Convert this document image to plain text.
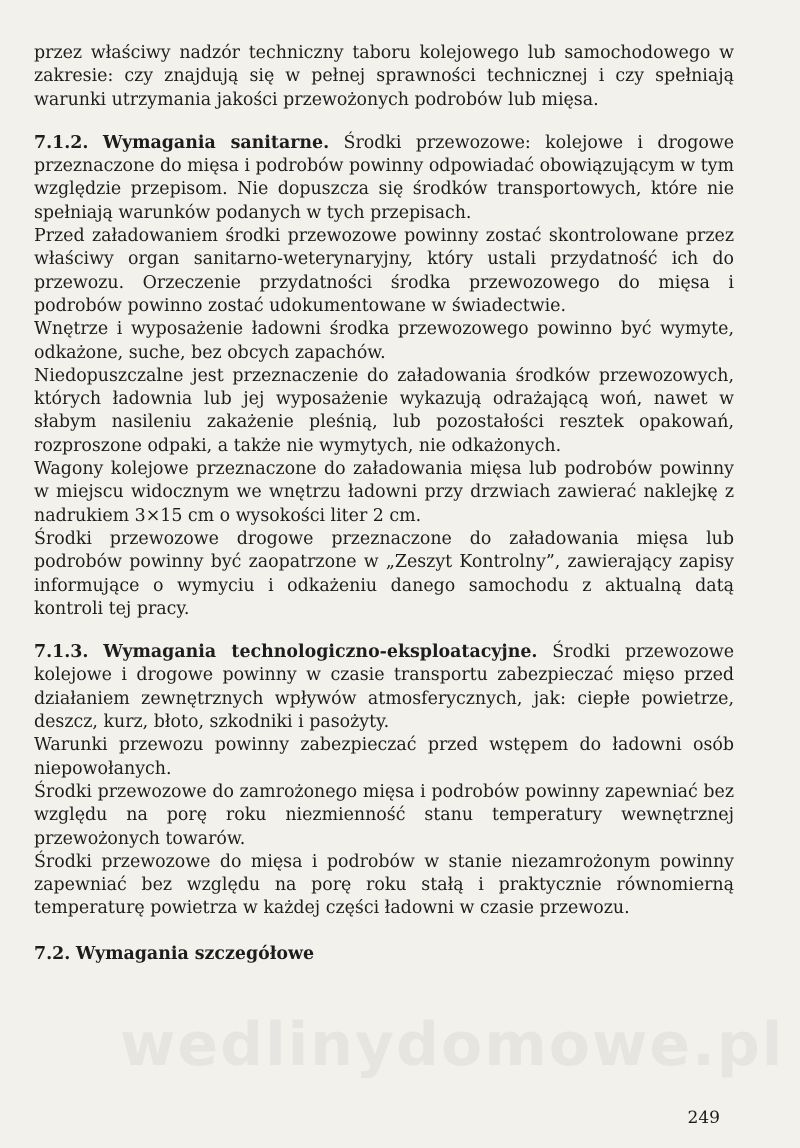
wedlinydomowe.pl

przez właściwy nadzór techniczny taboru kolejowego lub samochodowego w zakresie: czy znajdują się w pełnej sprawności technicznej i czy spełniają warunki utrzymania jakości przewożonych podrobów lub mięsa.

7.1.2. Wymagania sanitarne. Środki przewozowe: kolejowe i drogowe przeznaczone do mięsa i podrobów powinny odpowiadać obowiązującym w tym względzie przepisom. Nie dopuszcza się środków transportowych, które nie spełniają warunków podanych w tych przepisach.

Przed załadowaniem środki przewozowe powinny zostać skontrolowane przez właściwy organ sanitarno-weterynaryjny, który ustali przydatność ich do przewozu. Orzeczenie przydatności środka przewozowego do mięsa i podrobów powinno zostać udokumentowane w świadectwie.

Wnętrze i wyposażenie ładowni środka przewozowego powinno być wymyte, odkażone, suche, bez obcych zapachów.

Niedopuszczalne jest przeznaczenie do załadowania środków przewozowych, których ładownia lub jej wyposażenie wykazują odrażającą woń, nawet w słabym nasileniu zakażenie pleśnią, lub pozostałości resztek opakowań, rozproszone odpaki, a także nie wymytych, nie odkażonych.

Wagony kolejowe przeznaczone do załadowania mięsa lub podrobów powinny w miejscu widocznym we wnętrzu ładowni przy drzwiach zawierać naklejkę z nadrukiem 3×15 cm o wysokości liter 2 cm.

Środki przewozowe drogowe przeznaczone do załadowania mięsa lub podrobów powinny być zaopatrzone w „Zeszyt Kontrolny”, zawierający zapisy informujące o wymyciu i odkażeniu danego samochodu z aktualną datą kontroli tej pracy.

7.1.3. Wymagania technologiczno-eksploatacyjne. Środki przewozowe kolejowe i drogowe powinny w czasie transportu zabezpieczać mięso przed działaniem zewnętrznych wpływów atmosferycznych, jak: ciepłe powietrze, deszcz, kurz, błoto, szkodniki i pasożyty.

Warunki przewozu powinny zabezpieczać przed wstępem do ładowni osób niepowołanych.

Środki przewozowe do zamrożonego mięsa i podrobów powinny zapewniać bez względu na porę roku niezmienność stanu temperatury wewnętrznej przewożonych towarów.

Środki przewozowe do mięsa i podrobów w stanie niezamrożonym powinny zapewniać bez względu na porę roku stałą i praktycznie równomierną temperaturę powietrza w każdej części ładowni w czasie przewozu.

7.2. Wymagania szczegółowe

249
